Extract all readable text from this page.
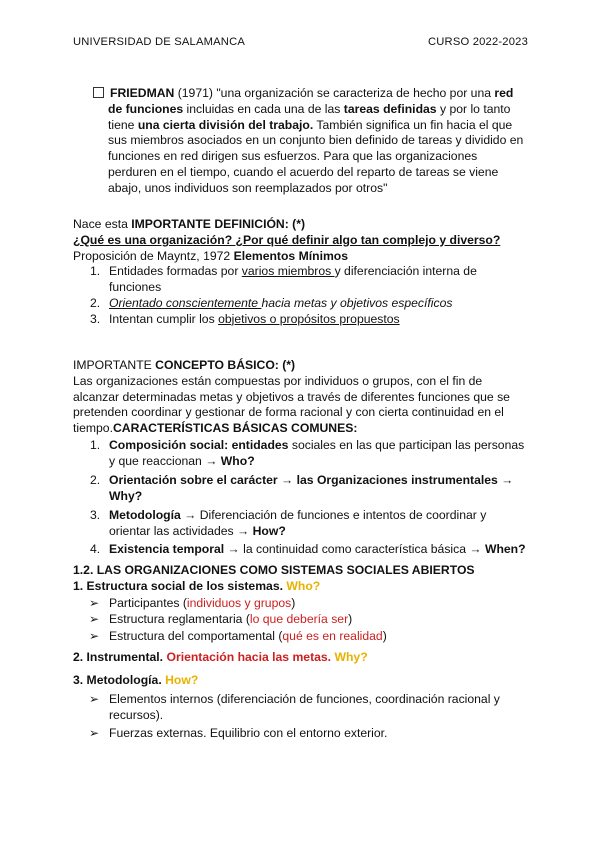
UNIVERSIDAD DE SALAMANCA	CURSO 2022-2023
FRIEDMAN (1971) "una organización se caracteriza de hecho por una red de funciones incluidas en cada una de las tareas definidas y por lo tanto tiene una cierta división del trabajo. También significa un fin hacia el que sus miembros asociados en un conjunto bien definido de tareas y dividido en funciones en red dirigen sus esfuerzos. Para que las organizaciones perduren en el tiempo, cuando el acuerdo del reparto de tareas se viene abajo, unos individuos son reemplazados por otros"
Nace esta IMPORTANTE DEFINICIÓN: (*)
¿Qué es una organización? ¿Por qué definir algo tan complejo y diverso?
Proposición de Mayntz, 1972 Elementos Mínimos
1. Entidades formadas por varios miembros y diferenciación interna de funciones
2. Orientado conscientemente hacia metas y objetivos específicos
3. Intentan cumplir los objetivos o propósitos propuestos
IMPORTANTE CONCEPTO BÁSICO: (*)
Las organizaciones están compuestas por individuos o grupos, con el fin de alcanzar determinadas metas y objetivos a través de diferentes funciones que se pretenden coordinar y gestionar de forma racional y con cierta continuidad en el tiempo.CARACTERÍSTICAS BÁSICAS COMUNES:
1. Composición social: entidades sociales en las que participan las personas y que reaccionan → Who?
2. Orientación sobre el carácter → las Organizaciones instrumentales → Why?
3. Metodología → Diferenciación de funciones e intentos de coordinar y orientar las actividades → How?
4. Existencia temporal → la continuidad como característica básica → When?
1.2. LAS ORGANIZACIONES COMO SISTEMAS SOCIALES ABIERTOS
1. Estructura social de los sistemas. Who?
➢ Participantes (individuos y grupos)
➢ Estructura reglamentaria (lo que debería ser)
➢ Estructura del comportamental (qué es en realidad)
2. Instrumental. Orientación hacia las metas. Why?
3. Metodología. How?
➢ Elementos internos (diferenciación de funciones, coordinación racional y recursos).
➢ Fuerzas externas. Equilibrio con el entorno exterior.
